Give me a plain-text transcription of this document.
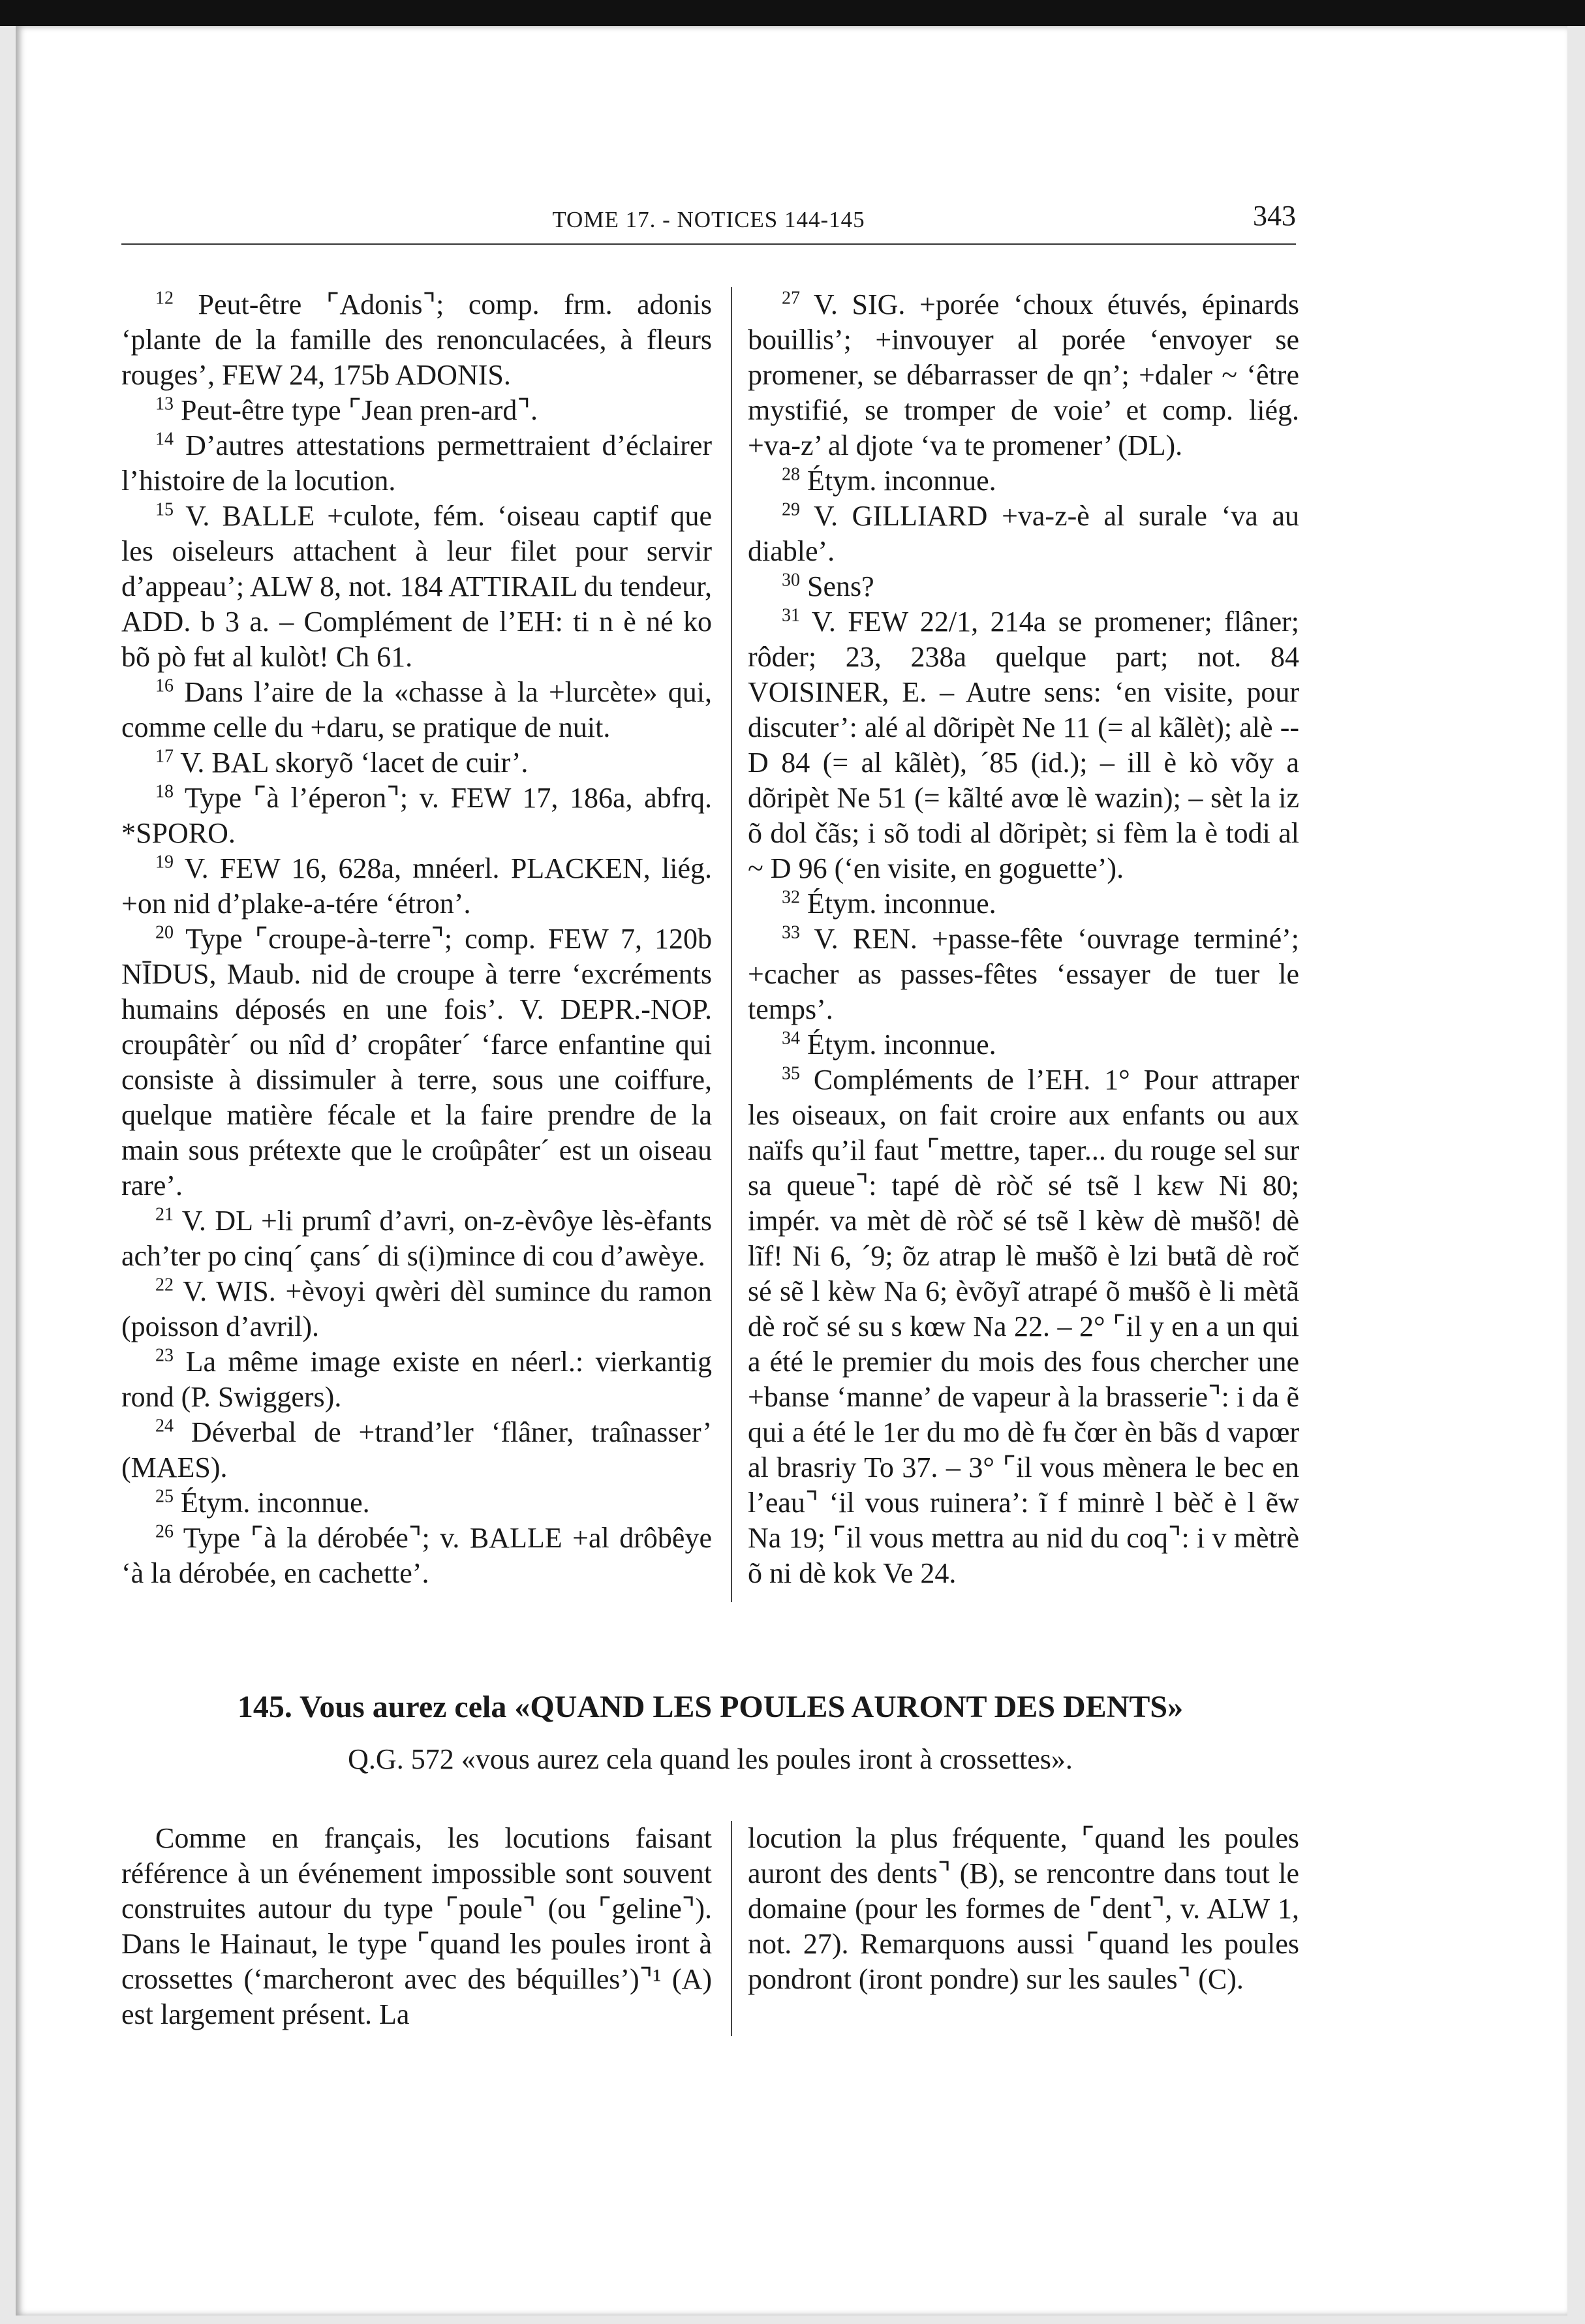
TOME 17. - NOTICES 144-145	343

$^{12}$ Peut-être ⌜Adonis⌝; comp. frm. adonis ‘plante de la famille des renonculacées, à fleurs rouges’, FEW 24, 175b ADONIS.

$^{13}$ Peut-être type ⌜Jean pren-ard⌝.

$^{14}$ D’autres attestations permettraient d’éclairer l’histoire de la locution.

$^{15}$ V. BALLE +culote, fém. ‘oiseau captif que les oiseleurs attachent à leur filet pour servir d’appeau’; ALW 8, not. 184 ATTIRAIL du tendeur, ADD. b 3 a. – Complément de l’EH: ti n è né ko bõ pò fʉt al kulòt! Ch 61.

$^{16}$ Dans l’aire de la «chasse à la +lurcète» qui, comme celle du +daru, se pratique de nuit.

$^{17}$ V. BAL skoryõ ‘lacet de cuir’.

$^{18}$ Type ⌜à l’éperon⌝; v. FEW 17, 186a, abfrq. *SPORO.

$^{19}$ V. FEW 16, 628a, mnéerl. PLACKEN, liég. +on nid d’plake-a-tére ‘étron’.

$^{20}$ Type ⌜croupe-à-terre⌝; comp. FEW 7, 120b NĪDUS, Maub. nid de croupe à terre ‘excréments humains déposés en une fois’. V. DEPR.-NOP. croupâtèr´ ou nîd d’ cropâter´ ‘farce enfantine qui consiste à dissimuler à terre, sous une coiffure, quelque matière fécale et la faire prendre de la main sous prétexte que le croûpâter´ est un oiseau rare’.

$^{21}$ V. DL +li prumî d’avri, on-z-èvôye lès-èfants ach’ter po cinq´ çans´ di s(i)mince di cou d’awèye.

$^{22}$ V. WIS. +èvoyi qwèri dèl sumince du ramon (poisson d’avril).

$^{23}$ La même image existe en néerl.: vierkantig rond (P. Swiggers).

$^{24}$ Déverbal de +trand’ler ‘flâner, traînasser’ (MAES).

$^{25}$ Étym. inconnue.

$^{26}$ Type ⌜à la dérobée⌝; v. BALLE +al drôbêye ‘à la dérobée, en cachette’.

$^{27}$ V. SIG. +porée ‘choux étuvés, épinards bouillis’; +invouyer al porée ‘envoyer se promener, se débarrasser de qn’; +daler ~ ‘être mystifié, se tromper de voie’ et comp. liég. +va-z’ al djote ‘va te promener’ (DL).

$^{28}$ Étym. inconnue.

$^{29}$ V. GILLIARD +va-z-è al surale ‘va au diable’.

$^{30}$ Sens?

$^{31}$ V. FEW 22/1, 214a se promener; flâner; rôder; 23, 238a quelque part; not. 84 VOISINER, E. – Autre sens: ‘en visite, pour discuter’: alé al dõripèt Ne 11 (= al kãlèt); alè -- D 84 (= al kãlèt), ´85 (id.); – ill è kò võy a dõripèt Ne 51 (= kãlté avœ lè wazin); – sèt la iz õ dol čãs; i sõ todi al dõripèt; si fèm la è todi al ~ D 96 (‘en visite, en goguette’).

$^{32}$ Étym. inconnue.

$^{33}$ V. REN. +passe-fête ‘ouvrage terminé’; +cacher as passes-fêtes ‘essayer de tuer le temps’.

$^{34}$ Étym. inconnue.

$^{35}$ Compléments de l’EH. 1° Pour attraper les oiseaux, on fait croire aux enfants ou aux naïfs qu’il faut ⌜mettre, taper... du rouge sel sur sa queue⌝: tapé dè ròč sé tsẽ l kɛw Ni 80; impér. va mèt dè ròč sé tsẽ l kèw dè mʉšõ! dè lĩf! Ni 6, ´9; õz atrap lè mʉšõ è lzi bʉtã dè roč sé sẽ l kèw Na 6; èvõyĩ atrapé õ mʉšõ è li mètã dè roč sé su s kœw Na 22. – 2° ⌜il y en a un qui a été le premier du mois des fous chercher une +banse ‘manne’ de vapeur à la brasserie⌝: i da ẽ qui a été le 1er du mo dè fʉ čœr èn bãs d vapœr al brasriy To 37. – 3° ⌜il vous mènera le bec en l’eau⌝ ‘il vous ruinera’: ĩ f minrè l bèč è l ẽw Na 19; ⌜il vous mettra au nid du coq⌝: i v mètrè õ ni dè kok Ve 24.

145. Vous aurez cela «QUAND LES POULES AURONT DES DENTS»
Q.G. 572 «vous aurez cela quand les poules iront à crossettes».

Comme en français, les locutions faisant référence à un événement impossible sont souvent construites autour du type ⌜poule⌝ (ou ⌜geline⌝). Dans le Hainaut, le type ⌜quand les poules iront à crossettes (‘marcheront avec des béquilles’)⌝¹ (A) est largement présent. La

locution la plus fréquente, ⌜quand les poules auront des dents⌝ (B), se rencontre dans tout le domaine (pour les formes de ⌜dent⌝, v. ALW 1, not. 27). Remarquons aussi ⌜quand les poules pondront (iront pondre) sur les saules⌝ (C).
